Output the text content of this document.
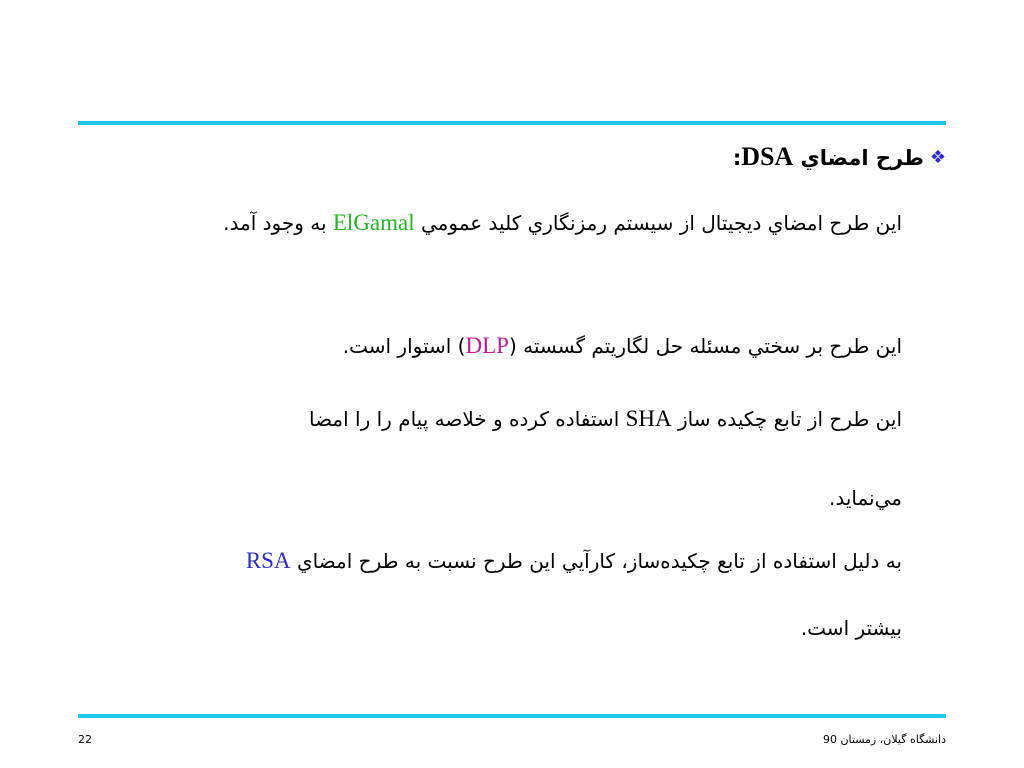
❖طرح امضاي DSA:
اين طرح امضاي ديجيتال از سيستم رمزنگاري كليد عمومي ElGamal به وجود آمد.
اين طرح بر سختي مسئله حل لگاريتم گسسته (DLP) استوار است.
اين طرح از تابع چكيده ساز SHA استفاده كرده و خلاصه پيام را را امضا
مي‌نمايد.
به دليل استفاده از تابع چكيده‌ساز، كارآيي اين طرح نسبت به طرح امضاي RSA
بيشتر است.
22	دانشگاه گيلان، زمستان 90
